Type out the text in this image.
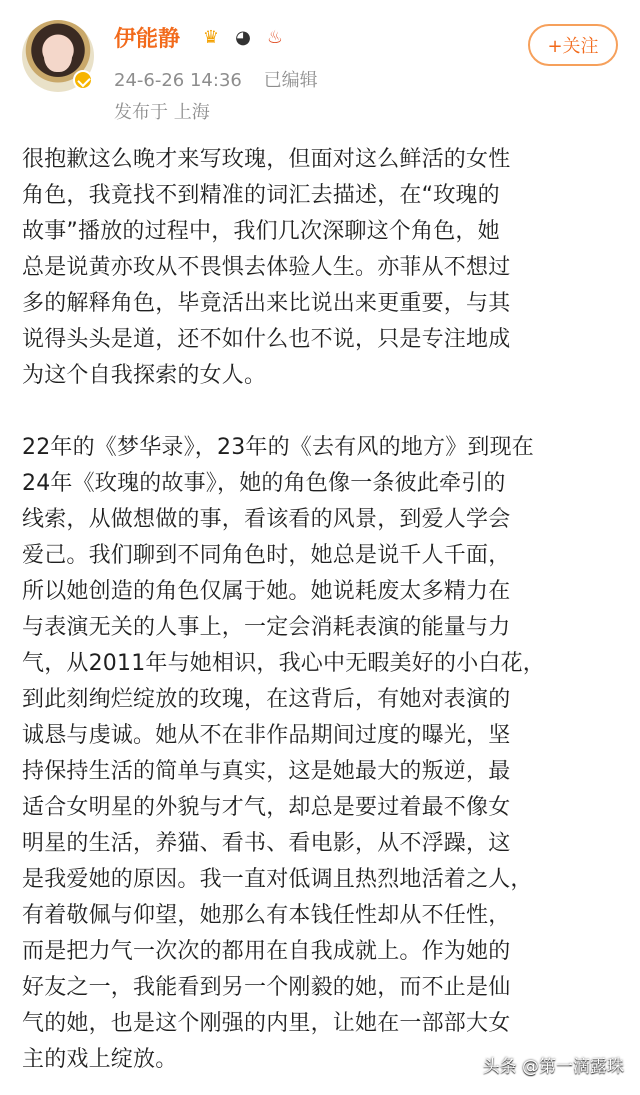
伊能静 ♛ ◕ ♨
24-6-26 14:36 已编辑
发布于 上海
+关注

很抱歉这么晚才来写玫瑰，但面对这么鲜活的女性
角色，我竟找不到精准的词汇去描述，在“玫瑰的
故事”播放的过程中，我们几次深聊这个角色，她
总是说黄亦玫从不畏惧去体验人生。亦菲从不想过
多的解释角色，毕竟活出来比说出来更重要，与其
说得头头是道，还不如什么也不说，只是专注地成
为这个自我探索的女人。

22年的《梦华录》，23年的《去有风的地方》到现在
24年《玫瑰的故事》，她的角色像一条彼此牵引的
线索，从做想做的事，看该看的风景，到爱人学会
爱己。我们聊到不同角色时，她总是说千人千面，
所以她创造的角色仅属于她。她说耗废太多精力在
与表演无关的人事上，一定会消耗表演的能量与力
气，从2011年与她相识，我心中无暇美好的小白花，
到此刻绚烂绽放的玫瑰，在这背后，有她对表演的
诚恳与虔诚。她从不在非作品期间过度的曝光，坚
持保持生活的简单与真实，这是她最大的叛逆，最
适合女明星的外貌与才气，却总是要过着最不像女
明星的生活，养猫、看书、看电影，从不浮躁，这
是我爱她的原因。我一直对低调且热烈地活着之人，
有着敬佩与仰望，她那么有本钱任性却从不任性，
而是把力气一次次的都用在自我成就上。作为她的
好友之一，我能看到另一个刚毅的她，而不止是仙
气的她，也是这个刚强的内里，让她在一部部大女
主的戏上绽放。	头条 @第一滴露珠
